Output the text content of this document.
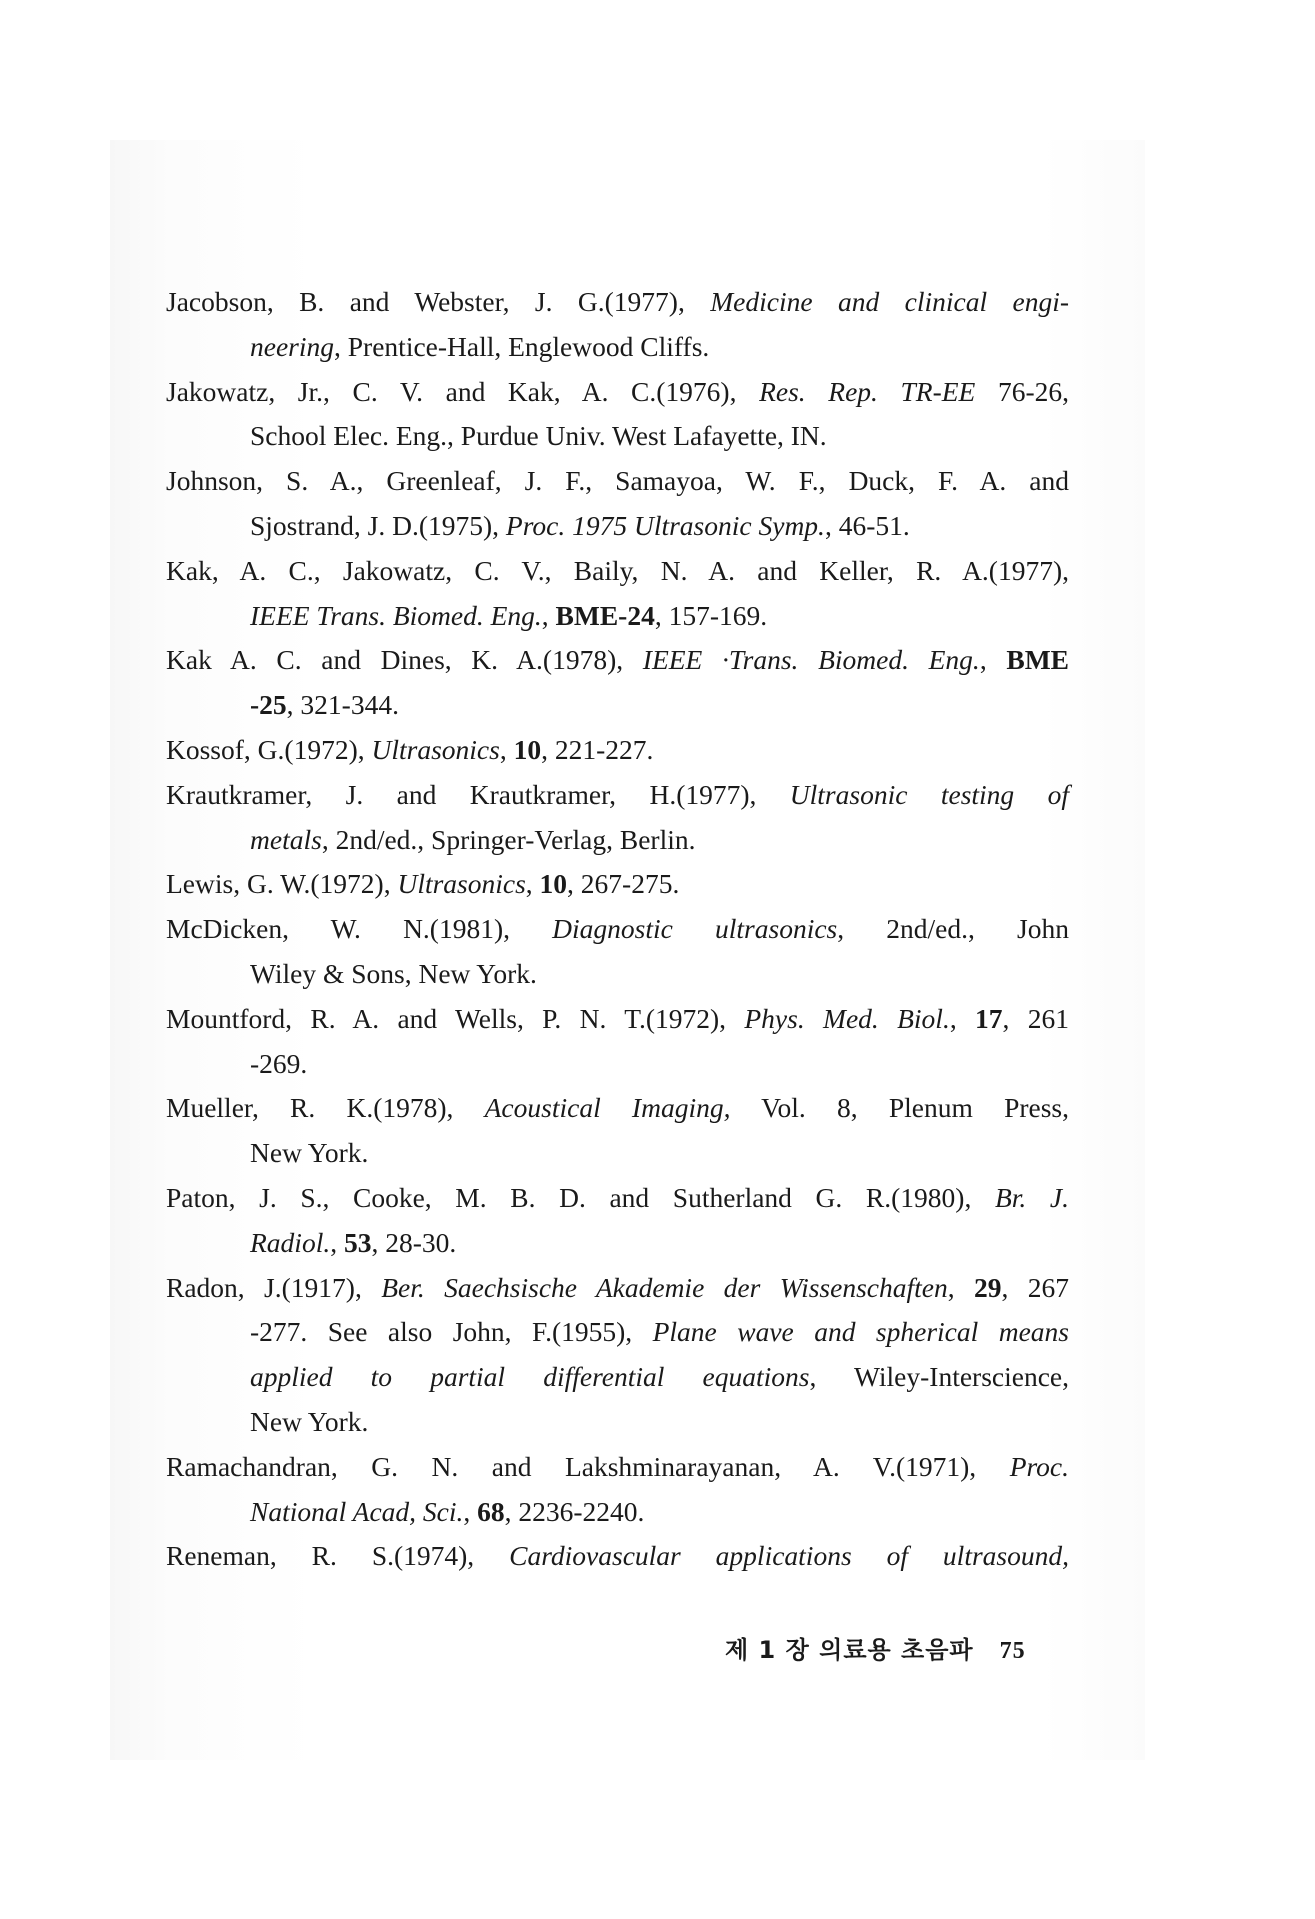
Jacobson, B. and Webster, J. G.(1977), Medicine and clinical engi-
neering, Prentice-Hall, Englewood Cliffs.
Jakowatz, Jr., C. V. and Kak, A. C.(1976), Res. Rep. TR-EE 76-26,
School Elec. Eng., Purdue Univ. West Lafayette, IN.
Johnson, S. A., Greenleaf, J. F., Samayoa, W. F., Duck, F. A. and
Sjostrand, J. D.(1975), Proc. 1975 Ultrasonic Symp., 46-51.
Kak, A. C., Jakowatz, C. V., Baily, N. A. and Keller, R. A.(1977),
IEEE Trans. Biomed. Eng., BME-24, 157-169.
Kak A. C. and Dines, K. A.(1978), IEEE ·Trans. Biomed. Eng., BME
-25, 321-344.
Kossof, G.(1972), Ultrasonics, 10, 221-227.
Krautkramer, J. and Krautkramer, H.(1977), Ultrasonic testing of
metals, 2nd/ed., Springer-Verlag, Berlin.
Lewis, G. W.(1972), Ultrasonics, 10, 267-275.
McDicken, W. N.(1981), Diagnostic ultrasonics, 2nd/ed., John
Wiley & Sons, New York.
Mountford, R. A. and Wells, P. N. T.(1972), Phys. Med. Biol., 17, 261
-269.
Mueller, R. K.(1978), Acoustical Imaging, Vol. 8, Plenum Press,
New York.
Paton, J. S., Cooke, M. B. D. and Sutherland G. R.(1980), Br. J.
Radiol., 53, 28-30.
Radon, J.(1917), Ber. Saechsische Akademie der Wissenschaften, 29, 267
-277. See also John, F.(1955), Plane wave and spherical means
applied to partial differential equations, Wiley-Interscience,
New York.
Ramachandran, G. N. and Lakshminarayanan, A. V.(1971), Proc.
National Acad, Sci., 68, 2236-2240.
Reneman, R. S.(1974), Cardiovascular applications of ultrasound,
제 1 장 의료용 초음파 75
